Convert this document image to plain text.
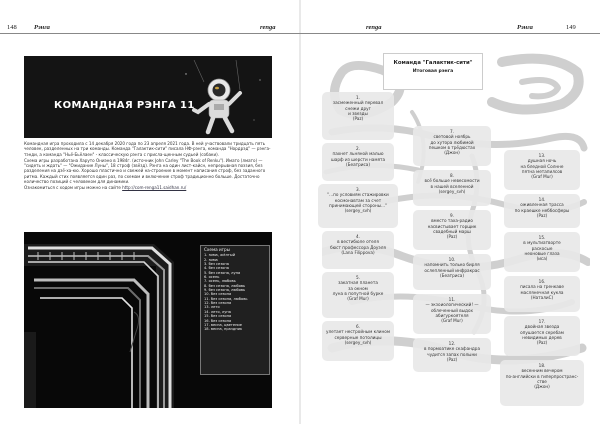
148	Рэнга	renga	renga	Рэнга	149
КОМАНДНАЯ РЭНГА 11

Командная игра проходила с 14 декабря 2020 года по 23 апреля 2021 года. В ней участвовали тридцать пять человек, разделенных на три команды. Команда "Галактик-сити" писала НФ-рэнга, команда "Нордрэд" — рэнга-тэнди, а команда "Ньё-Бьёлаен" - классическую рэнга с присла-щенным судьей (собаки).

Схема игры разработана Харуто Ониэно в 1984г. (источник John Carley "The Book of Renku"). Имато (лмато) — "сидеть и ждать" — "Ожидание Луны", 18 строф (звёзд). Рэнга на один лист-кайсн, непрерывная поэзия, без разделения на дзё-ха-кю. Хорошо пластично и свежей на-строение в момент написания строф, без заданного ритма. Каждый стих появляется один раз, по схемам и включение строф традиционно больше. Достаточно количество позиций с человеком для динамики.

Ознакомиться с ходом игры можно на сайте http://com-renga11.saidhan.ru/

Схема игры
1. зима, жёлтый
2. зима
3. без сезона
4. без сезона
5. без сезона, луна
6. осень
7. осень, любовь
8. без сезона, любовь
9. без сезона, любовь
10. без сезона
11. без сезона, любовь
12. без сезона
13. лето
14. лето, луна
15. без сезона
16. без сезона
17. весна, цветение
18. весна, праздник
Команда "Галактик-сити"
Итоговая рэнга
1.
засмеженный перевал
снежи друг
и звезды
(Paz)
2.
пахнет льняной малью
шарф из шерсти намята
(Беатриса)
3.
"...по условиям стажировки
космонавтам за счет
принимающей стороны..."
(sergey_svh)
4.
в вестибюле отеля
бюст профессора Доуэля
(Lana Filippova)
5.
закатная планета
за окном
луна в попутной бурке
(Graf Mur)
6.
улетает нестройным клином
серверные потолицы
(sergey_svh)
7.
световой ноябрь
до хутора любимой
пешком в трёдюстах
(Джон)
8.
всё больше невесомости
в нашей вселенной
(sergey_svh)
9.
вместо таха-радио
насвистывает горщик
свадебный марш
(Paz)
10.
напомнить только бирля
ослепленный инфракрас
(Беатриса)
11.
— экзоиологический! —
облеченный выдох
абигуркоятеля
(Graf Mur)
12.
в пормоатике скафандра
чудится запах полыни
(Paz)
13.
душная ночь
на бледной Солнне
пятна метапилсов
(Graf Mur)
14.
оживленная трасса
по краешке неббосферы
(Paz)
15.
в мультиатворте
раскосые
неоновые глаза
(иса)
16.
писала на гренкаве
маслянечная кукла
(НаталиС)
17.
двойная звезда
опушается серебам
невидимых дерев
(Paz)
18.
весенним вечером
по-английски в гиперпространс-
стве
(Джон)
